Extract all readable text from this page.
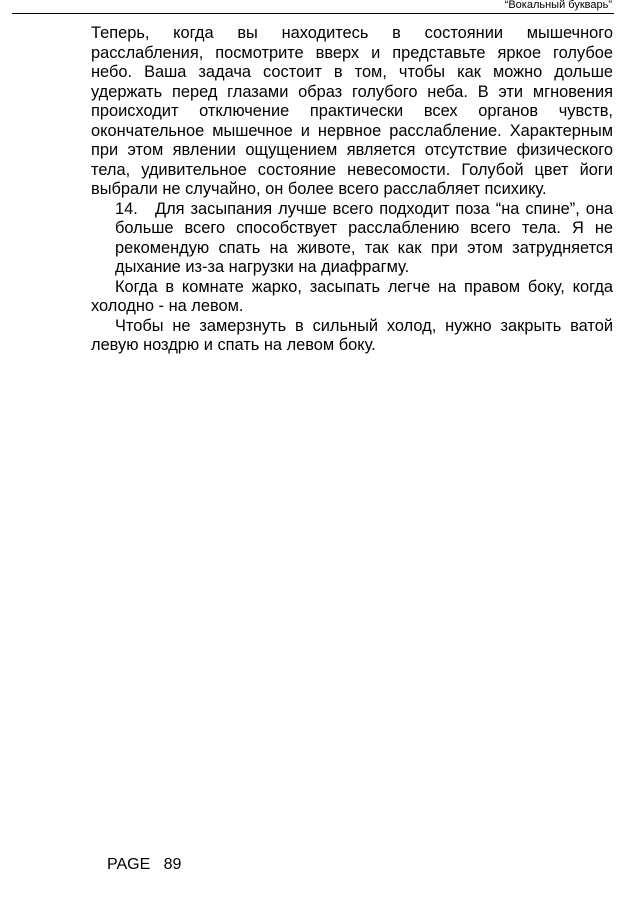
“Вокальный букварь”

Теперь, когда вы находитесь в состоянии мышечного расслабления, посмотрите вверх и представьте яркое голубое небо. Ваша задача состоит в том, чтобы как можно дольше удержать перед глазами образ голубого неба. В эти мгновения происходит отключение практически всех органов чувств, окончательное мышечное и нервное расслабление. Характерным при этом явлении ощущением является отсутствие физического тела, удивительное состояние невесомости. Голубой цвет йоги выбрали не случайно, он более всего расслабляет психику.

14.	Для засыпания лучше всего подходит поза “на спине”, она больше всего способствует расслаблению всего тела. Я не рекомендую спать на животе, так как при этом затрудняется дыхание из-за нагрузки на диафрагму.

Когда в комнате жарко, засыпать легче на правом боку, когда холодно - на левом.

Чтобы не замерзнуть в сильный холод, нужно закрыть ватой левую ноздрю и спать на левом боку.

PAGE 89
